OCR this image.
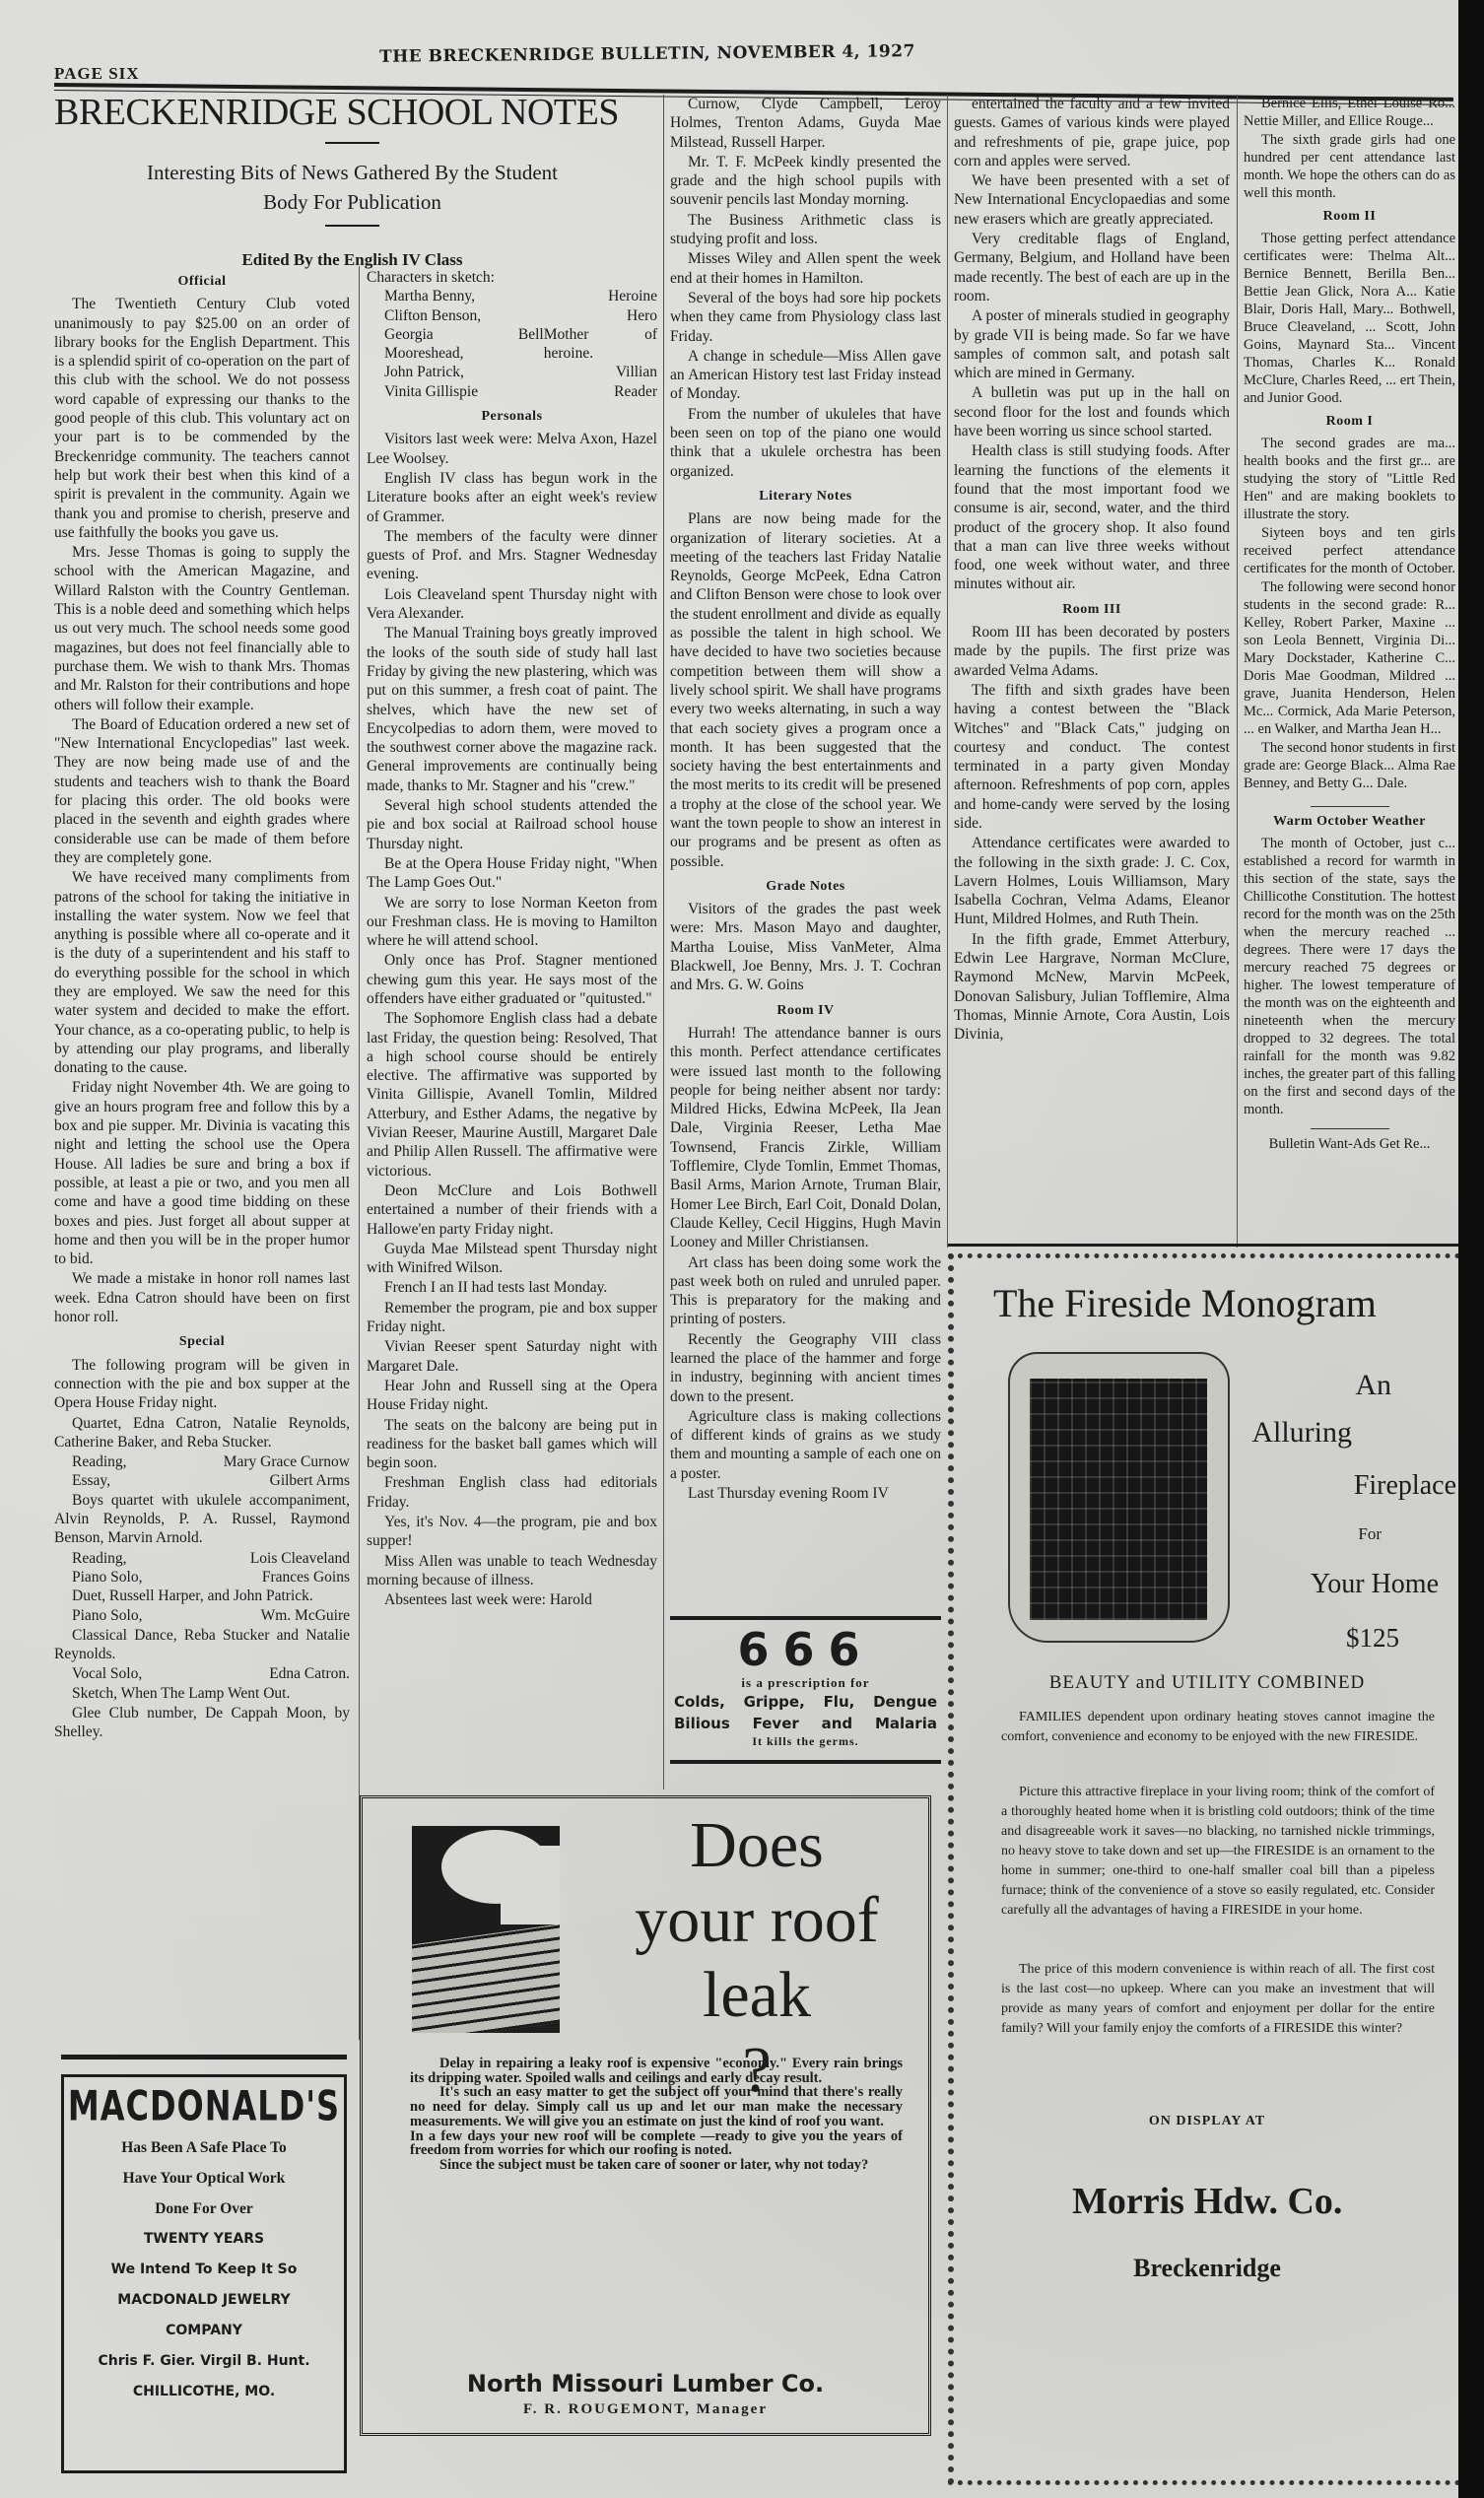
PAGE SIX
THE BRECKENRIDGE BULLETIN, NOVEMBER 4, 1927
BRECKENRIDGE SCHOOL NOTES
Interesting Bits of News Gathered By the Student
Body For Publication
Edited By the English IV Class
Official

The Twentieth Century Club voted unanimously to pay $25.00 on an order of library books for the English Department. This is a splendid spirit of co-operation on the part of this club with the school. We do not possess word capable of expressing our thanks to the good people of this club. This voluntary act on your part is to be commended by the Breckenridge community. The teachers cannot help but work their best when this kind of a spirit is prevalent in the community. Again we thank you and promise to cherish, preserve and use faithfully the books you gave us.

Mrs. Jesse Thomas is going to supply the school with the American Magazine, and Willard Ralston with the Country Gentleman. This is a noble deed and something which helps us out very much. The school needs some good magazines, but does not feel financially able to purchase them. We wish to thank Mrs. Thomas and Mr. Ralston for their contributions and hope others will follow their example.

The Board of Education ordered a new set of "New International Encyclopedias" last week. They are now being made use of and the students and teachers wish to thank the Board for placing this order. The old books were placed in the seventh and eighth grades where considerable use can be made of them before they are completely gone.

We have received many compliments from patrons of the school for taking the initiative in installing the water system. Now we feel that anything is possible where all co-operate and it is the duty of a superintendent and his staff to do everything possible for the school in which they are employed. We saw the need for this water system and decided to make the effort. Your chance, as a co-operating public, to help is by attending our play programs, and liberally donating to the cause.

Friday night November 4th. We are going to give an hours program free and follow this by a box and pie supper. Mr. Divinia is vacating this night and letting the school use the Opera House. All ladies be sure and bring a box if possible, at least a pie or two, and you men all come and have a good time bidding on these boxes and pies. Just forget all about supper at home and then you will be in the proper humor to bid.

We made a mistake in honor roll names last week. Edna Catron should have been on first honor roll.

Special

The following program will be given in connection with the pie and box supper at the Opera House Friday night.

Quartet, Edna Catron, Natalie Reynolds, Catherine Baker, and Reba Stucker.

Reading,	Mary Grace Curnow
Essay,	Gilbert Arms

Boys quartet with ukulele accompaniment, Alvin Reynolds, P. A. Russel, Raymond Benson, Marvin Arnold.

Reading,	Lois Cleaveland
Piano Solo,	Frances Goins

Duet, Russell Harper, and John Patrick.

Piano Solo,	Wm. McGuire

Classical Dance, Reba Stucker and Natalie Reynolds.

Vocal Solo,	Edna Catron.

Sketch, When The Lamp Went Out.

Glee Club number, De Cappah Moon, by Shelley.

Characters in sketch:
Martha Benny,	Heroine
Clifton Benson,	Hero
Georgia Bell Mooreshead,
Mother of heroine.
John Patrick,	Villian
Vinita Gillispie	Reader
Personals

Visitors last week were: Melva Axon, Hazel Lee Woolsey.

English IV class has begun work in the Literature books after an eight week's review of Grammer.

The members of the faculty were dinner guests of Prof. and Mrs. Stagner Wednesday evening.

Lois Cleaveland spent Thursday night with Vera Alexander.

The Manual Training boys greatly improved the looks of the south side of study hall last Friday by giving the new plastering, which was put on this summer, a fresh coat of paint. The shelves, which have the new set of Encycolpedias to adorn them, were moved to the southwest corner above the magazine rack. General improvements are continually being made, thanks to Mr. Stagner and his "crew."

Several high school students attended the pie and box social at Railroad school house Thursday night.

Be at the Opera House Friday night, "When The Lamp Goes Out."

We are sorry to lose Norman Keeton from our Freshman class. He is moving to Hamilton where he will attend school.

Only once has Prof. Stagner mentioned chewing gum this year. He says most of the offenders have either graduated or "quitusted."

The Sophomore English class had a debate last Friday, the question being: Resolved, That a high school course should be entirely elective. The affirmative was supported by Vinita Gillispie, Avanell Tomlin, Mildred Atterbury, and Esther Adams, the negative by Vivian Reeser, Maurine Austill, Margaret Dale and Philip Allen Russell. The affirmative were victorious.

Deon McClure and Lois Bothwell entertained a number of their friends with a Hallowe'en party Friday night.

Guyda Mae Milstead spent Thursday night with Winifred Wilson.

French I an II had tests last Monday.

Remember the program, pie and box supper Friday night.

Vivian Reeser spent Saturday night with Margaret Dale.

Hear John and Russell sing at the Opera House Friday night.

The seats on the balcony are being put in readiness for the basket ball games which will begin soon.

Freshman English class had editorials Friday.

Yes, it's Nov. 4—the program, pie and box supper!

Miss Allen was unable to teach Wednesday morning because of illness.

Absentees last week were: Harold

Curnow, Clyde Campbell, Leroy Holmes, Trenton Adams, Guyda Mae Milstead, Russell Harper.

Mr. T. F. McPeek kindly presented the grade and the high school pupils with souvenir pencils last Monday morning.

The Business Arithmetic class is studying profit and loss.

Misses Wiley and Allen spent the week end at their homes in Hamilton.

Several of the boys had sore hip pockets when they came from Physiology class last Friday.

A change in schedule—Miss Allen gave an American History test last Friday instead of Monday.

From the number of ukuleles that have been seen on top of the piano one would think that a ukulele orchestra has been organized.

Literary Notes

Plans are now being made for the organization of literary societies. At a meeting of the teachers last Friday Natalie Reynolds, George McPeek, Edna Catron and Clifton Benson were chose to look over the student enrollment and divide as equally as possible the talent in high school. We have decided to have two societies because competition between them will show a lively school spirit. We shall have programs every two weeks alternating, in such a way that each society gives a program once a month. It has been suggested that the society having the best entertainments and the most merits to its credit will be presened a trophy at the close of the school year. We want the town people to show an interest in our programs and be present as often as possible.

Grade Notes

Visitors of the grades the past week were: Mrs. Mason Mayo and daughter, Martha Louise, Miss VanMeter, Alma Blackwell, Joe Benny, Mrs. J. T. Cochran and Mrs. G. W. Goins

Room IV

Hurrah! The attendance banner is ours this month. Perfect attendance certificates were issued last month to the following people for being neither absent nor tardy: Mildred Hicks, Edwina McPeek, Ila Jean Dale, Virginia Reeser, Letha Mae Townsend, Francis Zirkle, William Tofflemire, Clyde Tomlin, Emmet Thomas, Basil Arms, Marion Arnote, Truman Blair, Homer Lee Birch, Earl Coit, Donald Dolan, Claude Kelley, Cecil Higgins, Hugh Mavin Looney and Miller Christiansen.

Art class has been doing some work the past week both on ruled and unruled paper. This is preparatory for the making and printing of posters.

Recently the Geography VIII class learned the place of the hammer and forge in industry, beginning with ancient times down to the present.

Agriculture class is making collections of different kinds of grains as we study them and mounting a sample of each one on a poster.

Last Thursday evening Room IV

666
is a prescription for
Colds, Grippe, Flu, Dengue
Bilious Fever and Malaria
It kills the germs.

entertained the faculty and a few invited guests. Games of various kinds were played and refreshments of pie, grape juice, pop corn and apples were served.

We have been presented with a set of New International Encyclopaedias and some new erasers which are greatly appreciated.

Very creditable flags of England, Germany, Belgium, and Holland have been made recently. The best of each are up in the room.

A poster of minerals studied in geography by grade VII is being made. So far we have samples of common salt, and potash salt which are mined in Germany.

A bulletin was put up in the hall on second floor for the lost and founds which have been worring us since school started.

Health class is still studying foods. After learning the functions of the elements it found that the most important food we consume is air, second, water, and the third product of the grocery shop. It also found that a man can live three weeks without food, one week without water, and three minutes without air.

Room III

Room III has been decorated by posters made by the pupils. The first prize was awarded Velma Adams.

The fifth and sixth grades have been having a contest between the "Black Witches" and "Black Cats," judging on courtesy and conduct. The contest terminated in a party given Monday afternoon. Refreshments of pop corn, apples and home-candy were served by the losing side.

Attendance certificates were awarded to the following in the sixth grade: J. C. Cox, Lavern Holmes, Louis Williamson, Mary Isabella Cochran, Velma Adams, Eleanor Hunt, Mildred Holmes, and Ruth Thein.

In the fifth grade, Emmet Atterbury, Edwin Lee Hargrave, Norman McClure, Raymond McNew, Marvin McPeek, Donovan Salisbury, Julian Tofflemire, Alma Thomas, Minnie Arnote, Cora Austin, Lois Divinia,

Bernice Ellis, Ethel Louise Ro... Nettie Miller, and Ellice Rouge...

The sixth grade girls had one hundred per cent attendance last month. We hope the others can do as well this month.

Room II

Those getting perfect attendance certificates were: Thelma Alt... Bernice Bennett, Berilla Ben... Bettie Jean Glick, Nora A... Katie Blair, Doris Hall, Mary... Bothwell, Bruce Cleaveland, ... Scott, John Goins, Maynard Sta... Vincent Thomas, Charles K... Ronald McClure, Charles Reed, ... ert Thein, and Junior Good.

Room I

The second grades are ma... health books and the first gr... are studying the story of "Little Red Hen" and are making booklets to illustrate the story.

Siyteen boys and ten girls received perfect attendance certificates for the month of October.

The following were second honor students in the second grade: R... Kelley, Robert Parker, Maxine ... son Leola Bennett, Virginia Di... Mary Dockstader, Katherine C... Doris Mae Goodman, Mildred ... grave, Juanita Henderson, Helen Mc... Cormick, Ada Marie Peterson, ... en Walker, and Martha Jean H...

The second honor students in first grade are: George Black... Alma Rae Benney, and Betty G... Dale.

Warm October Weather

The month of October, just c... established a record for warmth in this section of the state, says the Chillicothe Constitution. The hottest record for the month was on the 25th when the mercury reached ... degrees. There were 17 days the mercury reached 75 degrees or higher. The lowest temperature of the month was on the eighteenth and nineteenth when the mercury dropped to 32 degrees. The total rainfall for the month was 9.82 inches, the greater part of this falling on the first and second days of the month.

Bulletin Want-Ads Get Re...
The Fireside Monogram
An
Alluring
Fireplace
For
Your Home
$125
BEAUTY and UTILITY COMBINED

FAMILIES dependent upon ordinary heating stoves cannot imagine the comfort, convenience and economy to be enjoyed with the new FIRESIDE.

Picture this attractive fireplace in your living room; think of the comfort of a thoroughly heated home when it is bristling cold outdoors; think of the time and disagreeable work it saves—no blacking, no tarnished nickle trimmings, no heavy stove to take down and set up—the FIRESIDE is an ornament to the home in summer; one-third to one-half smaller coal bill than a pipeless furnace; think of the convenience of a stove so easily regulated, etc. Consider carefully all the advantages of having a FIRESIDE in your home.

The price of this modern convenience is within reach of all. The first cost is the last cost—no upkeep. Where can you make an investment that will provide as many years of comfort and enjoyment per dollar for the entire family? Will your family enjoy the comforts of a FIRESIDE this winter?

ON DISPLAY AT
Morris Hdw. Co.
Breckenridge
Does
your roof
leak
?

Delay in repairing a leaky roof is expensive "economy." Every rain brings its dripping water. Spoiled walls and ceilings and early decay result.

It's such an easy matter to get the subject off your mind that there's really no need for delay. Simply call us up and let our man make the necessary measurements. We will give you an estimate on just the kind of roof you want.

In a few days your new roof will be complete —ready to give you the years of freedom from worries for which our roofing is noted.

Since the subject must be taken care of sooner or later, why not today?

North Missouri Lumber Co.
F. R. ROUGEMONT, Manager
MACDONALD'S
Has Been A Safe Place To
Have Your Optical Work
Done For Over
TWENTY YEARS
We Intend To Keep It So
MACDONALD JEWELRY
COMPANY
Chris F. Gier. Virgil B. Hunt.
CHILLICOTHE, MO.
